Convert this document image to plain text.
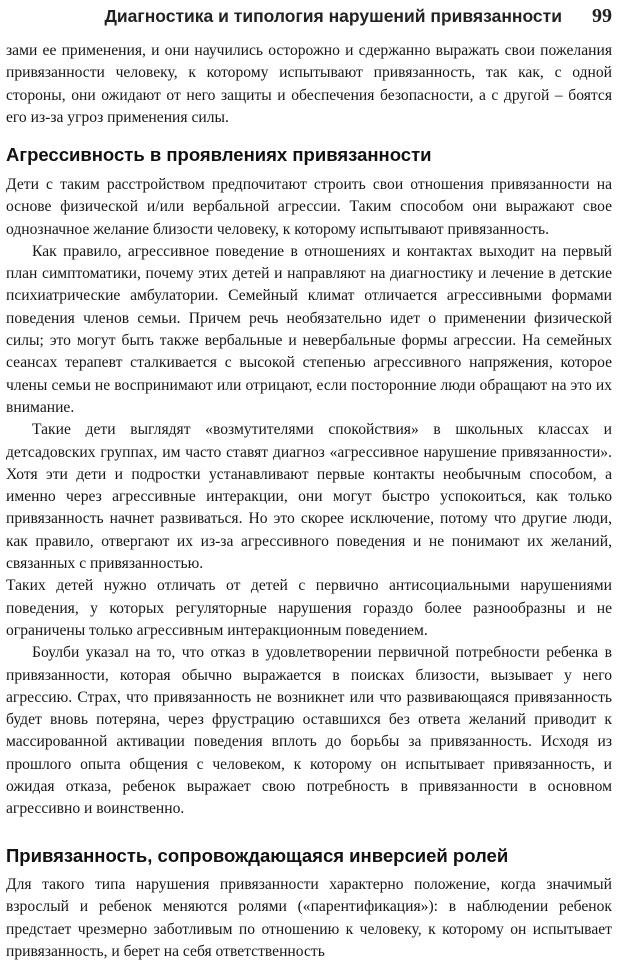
Диагностика и типология нарушений привязанности 99

зами ее применения, и они научились осторожно и сдержанно выражать свои пожелания привязанности человеку, к которому испытывают привязанность, так как, с одной стороны, они ожидают от него защиты и обеспечения безопасности, а с другой – боятся его из-за угроз применения силы.

Агрессивность в проявлениях привязанности

Дети с таким расстройством предпочитают строить свои отношения привязанности на основе физической и/или вербальной агрессии. Таким способом они выражают свое однозначное желание близости человеку, к которому испытывают привязанность.

Как правило, агрессивное поведение в отношениях и контактах выходит на первый план симптоматики, почему этих детей и направляют на диагностику и лечение в детские психиатрические амбулатории. Семейный климат отличается агрессивными формами поведения членов семьи. Причем речь необязательно идет о применении физической силы; это могут быть также вербальные и невербальные формы агрессии. На семейных сеансах терапевт сталкивается с высокой степенью агрессивного напряжения, которое члены семьи не воспринимают или отрицают, если посторонние люди обращают на это их внимание.

Такие дети выглядят «возмутителями спокойствия» в школьных классах и детсадовских группах, им часто ставят диагноз «агрессивное нарушение привязанности». Хотя эти дети и подростки устанавливают первые контакты необычным способом, а именно через агрессивные интеракции, они могут быстро успокоиться, как только привязанность начнет развиваться. Но это скорее исключение, потому что другие люди, как правило, отвергают их из-за агрессивного поведения и не понимают их желаний, связанных с привязанностью.

Таких детей нужно отличать от детей с первично антисоциальными нарушениями поведения, у которых регуляторные нарушения гораздо более разнообразны и не ограничены только агрессивным интеракционным поведением.

Боулби указал на то, что отказ в удовлетворении первичной потребности ребенка в привязанности, которая обычно выражается в поисках близости, вызывает у него агрессию. Страх, что привязанность не возникнет или что развивающаяся привязанность будет вновь потеряна, через фрустрацию оставшихся без ответа желаний приводит к массированной активации поведения вплоть до борьбы за привязанность. Исходя из прошлого опыта общения с человеком, к которому он испытывает привязанность, и ожидая отказа, ребенок выражает свою потребность в привязанности в основном агрессивно и воинственно.

Привязанность, сопровождающаяся инверсией ролей

Для такого типа нарушения привязанности характерно положение, когда значимый взрослый и ребенок меняются ролями («парентификация»): в наблюдении ребенок предстает чрезмерно заботливым по отношению к человеку, к которому он испытывает привязанность, и берет на себя ответственность
